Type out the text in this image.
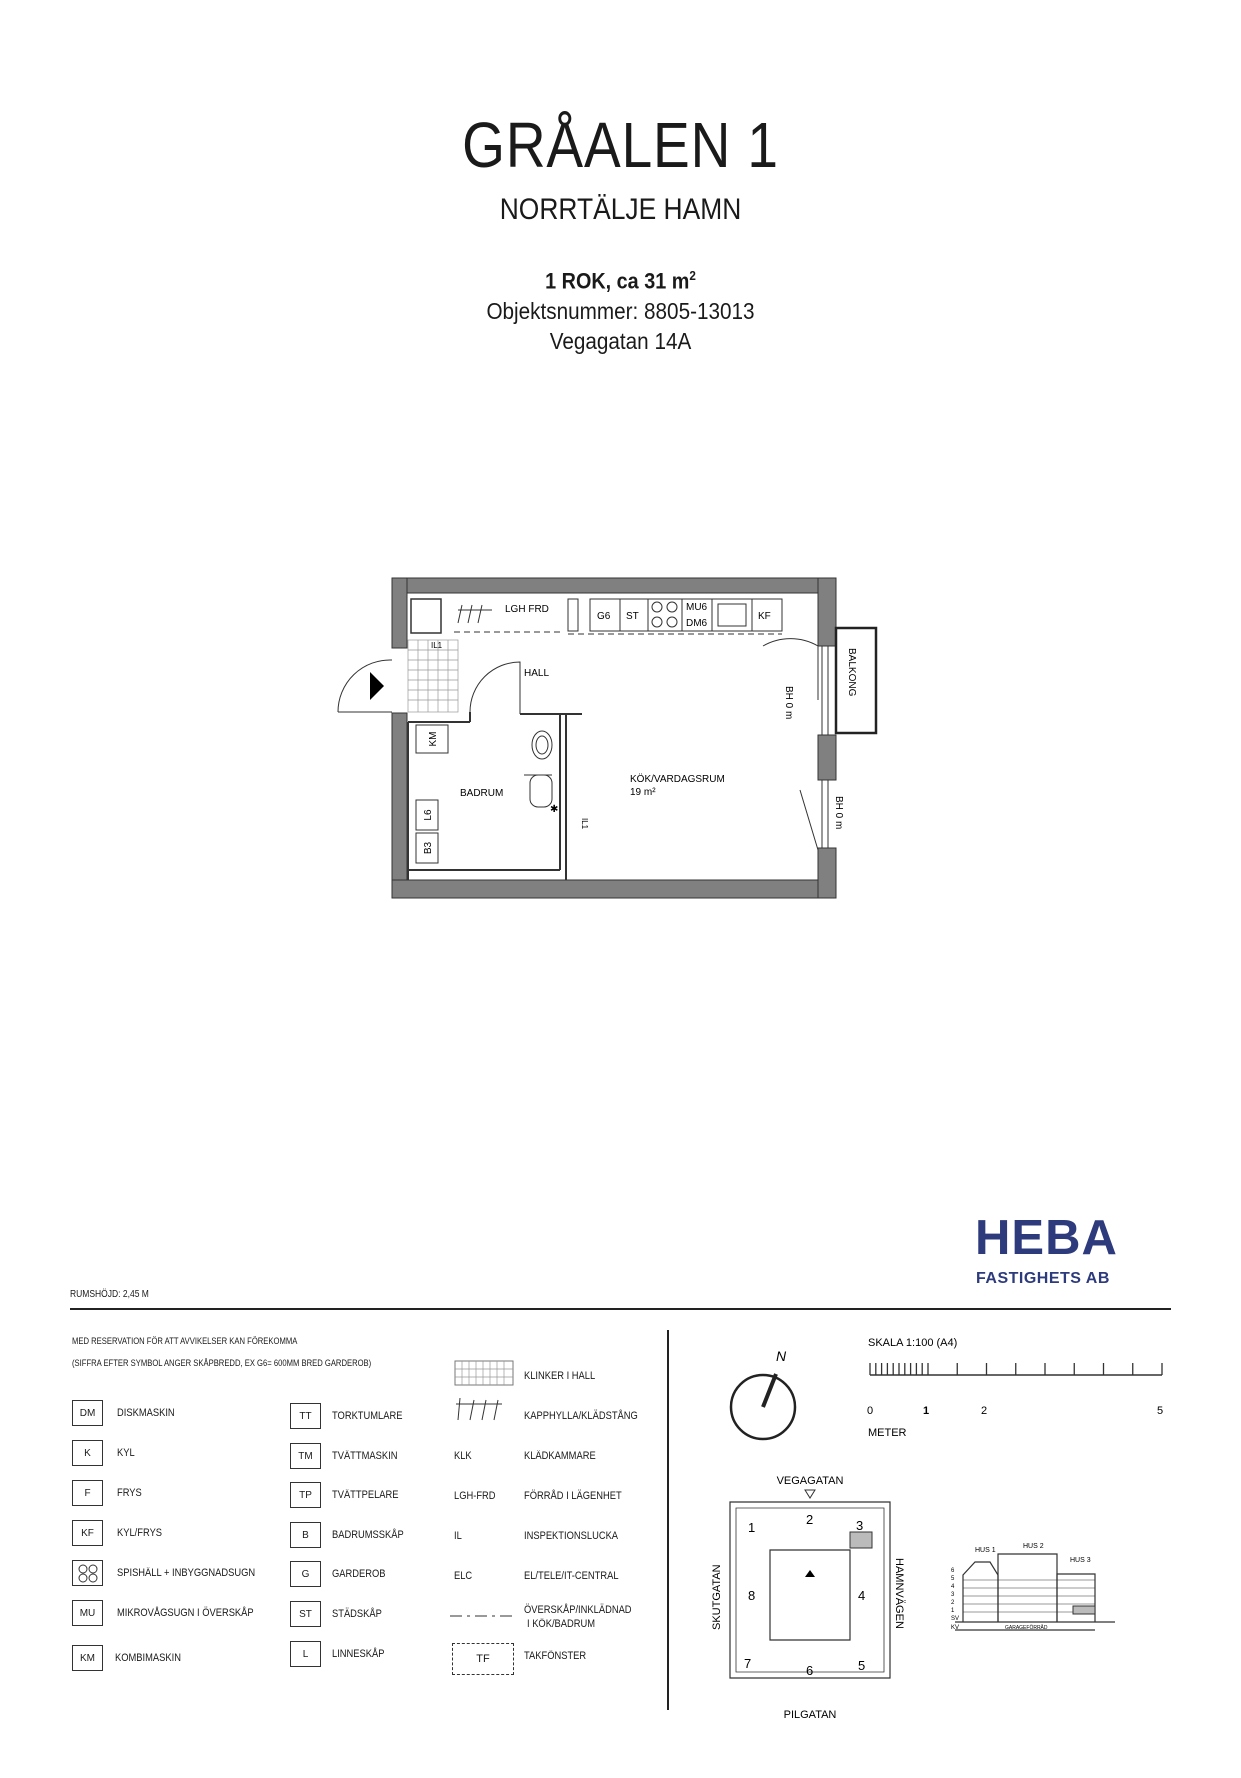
GRÅALEN 1
NORRTÄLJE HAMN
1 ROK, ca 31 $m^2$
Objektsnummer: 8805-13013
Vegagatan 14A
LGH FRD
IL1
G6 ST
MU6
DM6
KF
BALKONG
BH 0 m
BH 0 m
KM
L6
B3
BADRUM
IL1
✱
HALL
KÖK/VARDAGSRUM
19 m²
HEBA
FASTIGHETS AB
RUMSHÖJD: 2,45 M
MED RESERVATION FÖR ATT AVVIKELSER KAN FÖREKOMMA
(SIFFRA EFTER SYMBOL ANGER SKÅPBREDD, EX G6= 600MM BRED GARDEROB)
DM	DISKMASKIN
K	KYL
F	FRYS
KF	KYL/FRYS
SPISHÄLL + INBYGGNADSUGN
MU	MIKROVÅGSUGN I ÖVERSKÅP
KM	KOMBIMASKIN
TT	TORKTUMLARE
TM	TVÄTTMASKIN
TP	TVÄTTPELARE
B	BADRUMSSKÅP
G	GARDEROB
ST	STÄDSKÅP
L	LINNESKÅP
KLINKER I HALL
KAPPHYLLA/KLÄDSTÅNG
KLK	KLÄDKAMMARE
LGH-FRD	FÖRRÅD I LÄGENHET
IL	INSPEKTIONSLUCKA
ELC	EL/TELE/IT-CENTRAL
ÖVERSKÅP/INKLÄDNAD
I KÖK/BADRUM
TF	TAKFÖNSTER
N
SKALA 1:100 (A4)
0	1	2	5
METER
VEGAGATAN
1
2	3
4
5
6
7
8
SKUTGATAN	HAMNVÄGEN
PILGATAN
HUS 1
HUS 2
HUS 3
GARAGEFÖRRÅD
6
5
4
3
2
1
SV
KV
